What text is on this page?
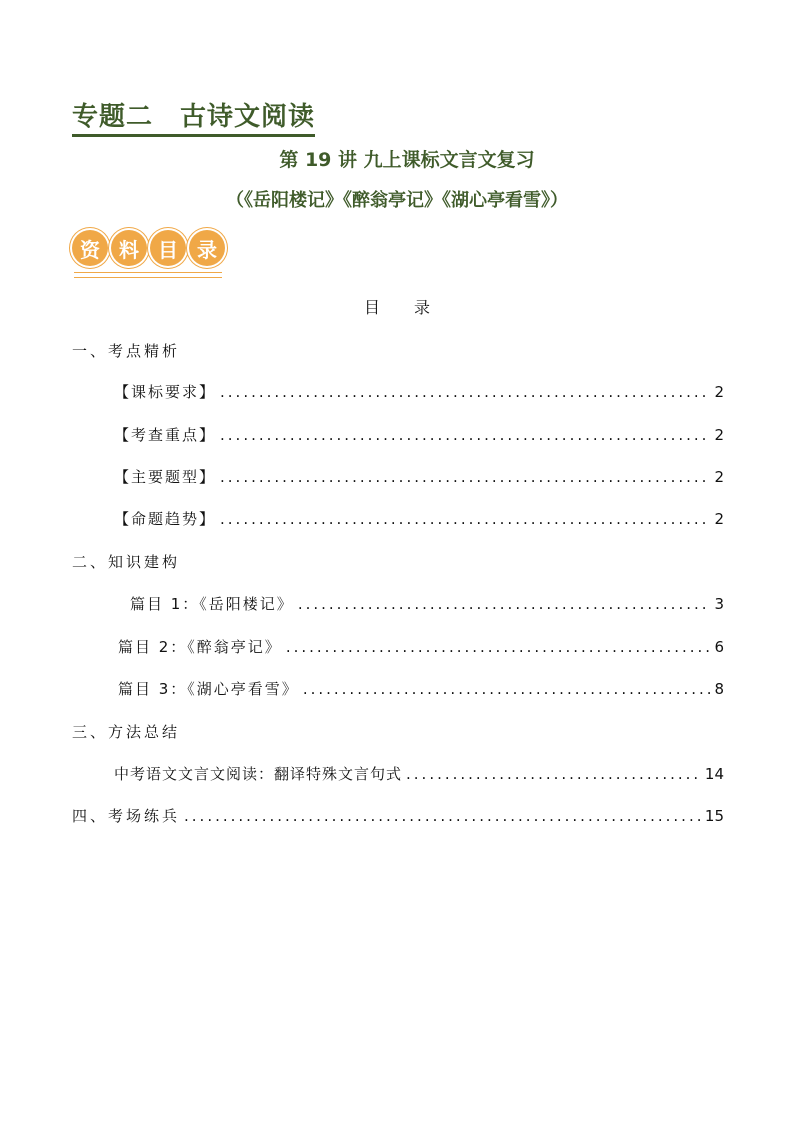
专题二　古诗文阅读
第 19 讲 九上课标文言文复习
（《岳阳楼记》《醉翁亭记》《湖心亭看雪》）
资 料 目 录
目录
一、考点精析
【课标要求】 .....	2
【考查重点】 .....	2
【主要题型】 .....	2
【命题趋势】 .....	2
二、知识建构
篇目 1：《岳阳楼记》 .....	3
篇目 2：《醉翁亭记》 .....	6
篇目 3：《湖心亭看雪》 .....	8
三、方法总结
中考语文文言文阅读：翻译特殊文言句式 .....	14
四、考场练兵 .....	15
